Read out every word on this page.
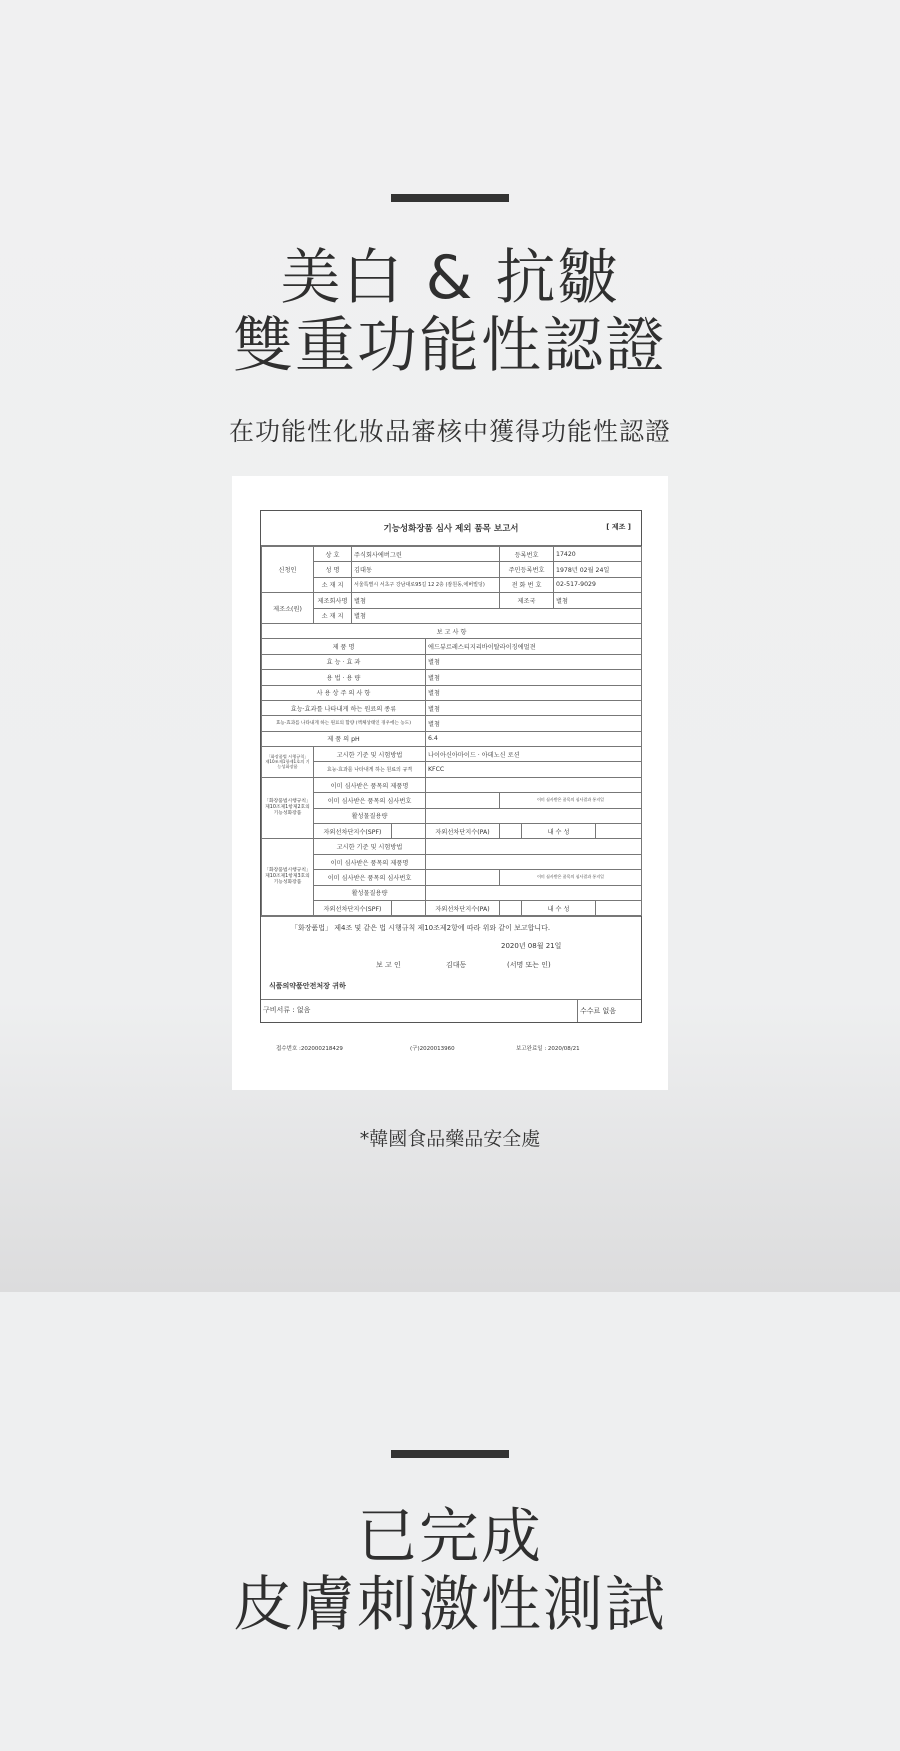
美白 & 抗皺
雙重功能性認證
在功能性化妝品審核中獲得功能性認證
기능성화장품 심사 제외 품목 보고서	[ 제조 ]
신청인	상 호	주식회사에버그린			등록번호		17420	
	성 명	김대동			주민등록번호		1978년 02월 24일	
	소 재 지	서울특별시 서초구 강남대로95길 12 2층 (잠원동,에버빌딩)			전 화 번 호		02-517-9029	
제조소(원)	제조회사명	별첨			제조국		별첨	
	소 재 지	별첨						
보 고 사 항								
제 품 명				에드뷰르레스티지리바이탈라이징에멀젼				
효 능 · 효 과				별첨				
용 법 · 용 량				별첨				
사 용 상 주 의 사 항				별첨				
효능·효과를 나타내게 하는 원료의 종류				별첨				
효능·효과를 나타내게 하는 원료의 함량 (액체상태인 경우에는 농도)				별첨				
제 품 의 pH				6.4				
「화장품법 시행규칙」 제10조제1항제1호의 기능성화장품	고시한 기준 및 시험방법			나이아신아마이드 · 아데노신 로션				
	효능·효과를 나타내게 하는 원료의 규격			KFCC				
「화장품법시행규칙」 제10조제1항제2호의기능성화장품	이미 심사받은 품목의 제품명							
	이미 심사받은 품목의 심사번호				이미 심사받은 품목의 심사결과 통지일			
	활성물질용량							
	자외선차단지수(SPF)			자외선차단지수(PA)		내 수 성		
「화장품법시행규칙」 제10조제1항제3호의기능성화장품	고시한 기준 및 시험방법							
	이미 심사받은 품목의 제품명							
	이미 심사받은 품목의 심사번호				이미 심사받은 품목의 심사결과 통지일			
	활성물질용량							
	자외선차단지수(SPF)			자외선차단지수(PA)		내 수 성		
「화장품법」 제4조 및 같은 법 시행규칙 제10조제2항에 따라 위와 같이 보고합니다.
2020년 08월 21일
보 고 인	김대동	(서명 또는 인)
식품의약품안전처장 귀하
구비서류 : 없음	수수료 없음
접수번호 :202000218429	(구)2020013960	보고완료일 : 2020/08/21
*韓國食品藥品安全處
已完成
皮膚刺激性測試
